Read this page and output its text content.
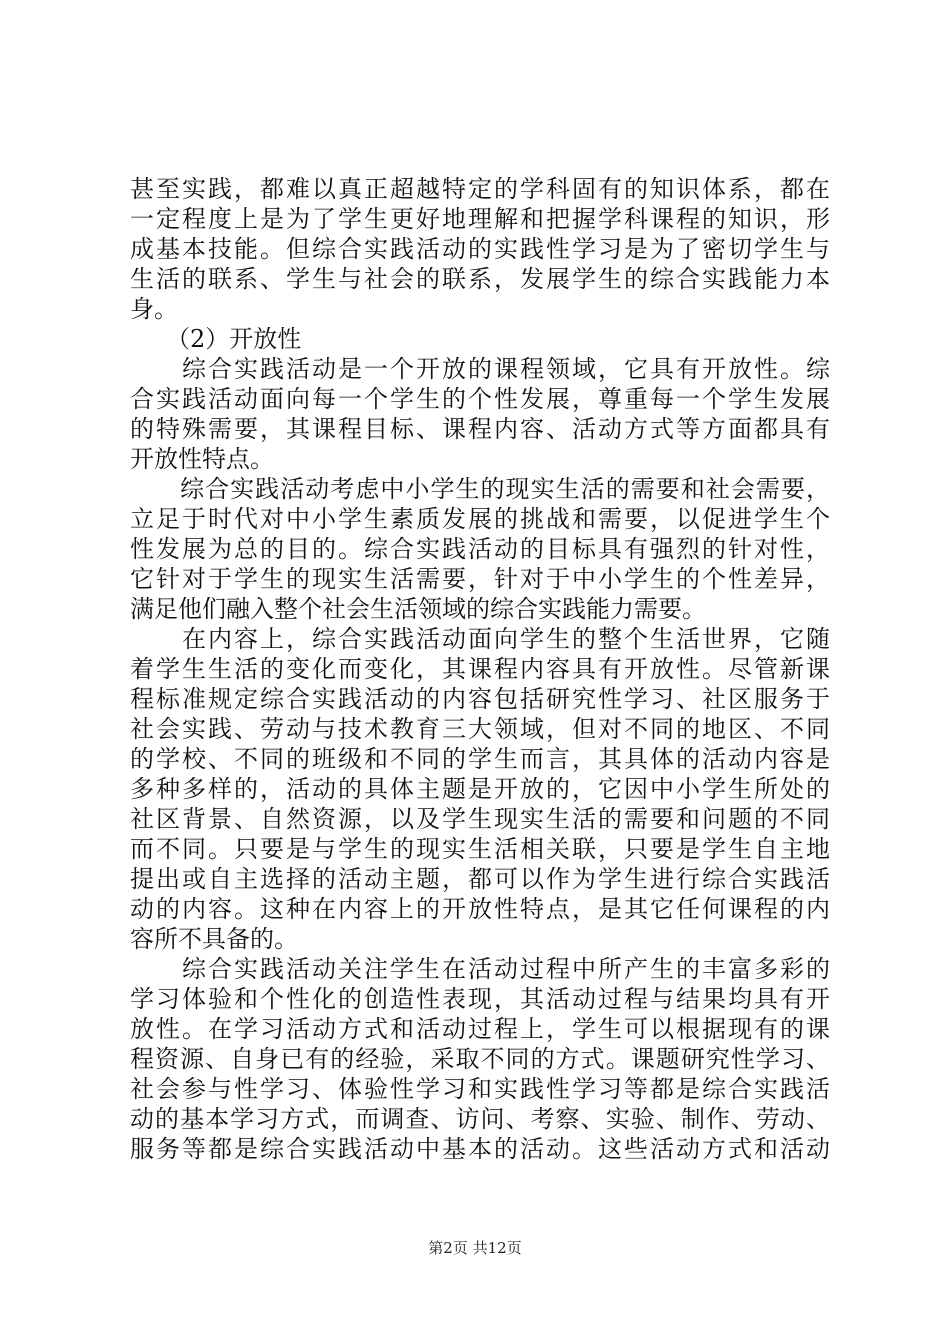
甚至实践，都难以真正超越特定的学科固有的知识体系，都在
一定程度上是为了学生更好地理解和把握学科课程的知识，形
成基本技能。但综合实践活动的实践性学习是为了密切学生与
生活的联系、学生与社会的联系，发展学生的综合实践能力本
身。
　　（2）开放性
　　综合实践活动是一个开放的课程领域，它具有开放性。综
合实践活动面向每一个学生的个性发展，尊重每一个学生发展
的特殊需要，其课程目标、课程内容、活动方式等方面都具有
开放性特点。
　　综合实践活动考虑中小学生的现实生活的需要和社会需要，
立足于时代对中小学生素质发展的挑战和需要，以促进学生个
性发展为总的目的。综合实践活动的目标具有强烈的针对性，
它针对于学生的现实生活需要，针对于中小学生的个性差异，
满足他们融入整个社会生活领域的综合实践能力需要。
　　在内容上，综合实践活动面向学生的整个生活世界，它随
着学生生活的变化而变化，其课程内容具有开放性。尽管新课
程标准规定综合实践活动的内容包括研究性学习、社区服务于
社会实践、劳动与技术教育三大领域，但对不同的地区、不同
的学校、不同的班级和不同的学生而言，其具体的活动内容是
多种多样的，活动的具体主题是开放的，它因中小学生所处的
社区背景、自然资源，以及学生现实生活的需要和问题的不同
而不同。只要是与学生的现实生活相关联，只要是学生自主地
提出或自主选择的活动主题，都可以作为学生进行综合实践活
动的内容。这种在内容上的开放性特点，是其它任何课程的内
容所不具备的。
　　综合实践活动关注学生在活动过程中所产生的丰富多彩的
学习体验和个性化的创造性表现，其活动过程与结果均具有开
放性。在学习活动方式和活动过程上，学生可以根据现有的课
程资源、自身已有的经验，采取不同的方式。课题研究性学习、
社会参与性学习、体验性学习和实践性学习等都是综合实践活
动的基本学习方式，而调查、访问、考察、实验、制作、劳动、
服务等都是综合实践活动中基本的活动。这些活动方式和活动
第2页 共12页
